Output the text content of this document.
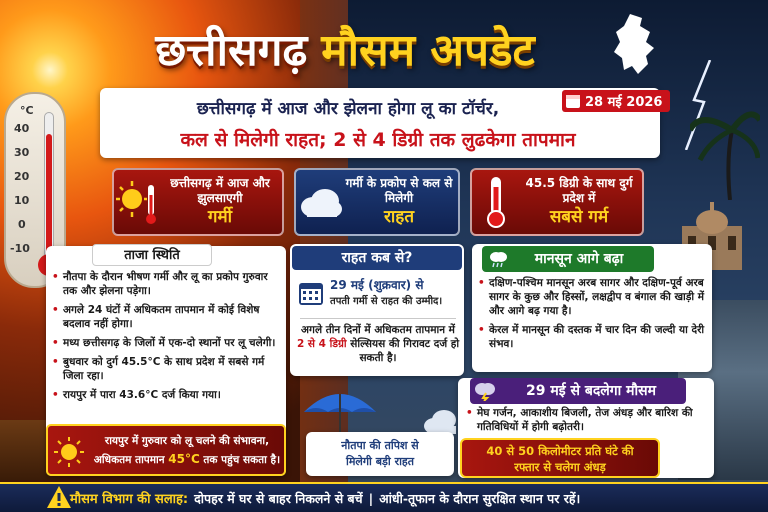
°C
40
30
20
10
0
-10
छत्तीसगढ़ मौसम अपडेट
छत्तीसगढ़ में आज और झेलना होगा लू का टॉर्चर,
कल से मिलेगी राहत; 2 से 4 डिग्री तक लुढकेगा तापमान
28 मई 2026
छत्तीसगढ़ में आज और झुलसाएगी
गर्मी
गर्मी के प्रकोप से कल से मिलेगी
राहत
45.5 डिग्री के साथ दुर्ग प्रदेश में
सबसे गर्म
ताजा स्थिति
• नौतपा के दौरान भीषण गर्मी और लू का प्रकोप गुरुवार तक और झेलना पड़ेगा।
• अगले 24 घंटों में अधिकतम तापमान में कोई विशेष बदलाव नहीं होगा।
• मध्य छत्तीसगढ़ के जिलों में एक-दो स्थानों पर लू चलेगी।
• बुधवार को दुर्ग 45.5°C के साथ प्रदेश में सबसे गर्म जिला रहा।
• रायपुर में पारा 43.6°C दर्ज किया गया।
रायपुर में गुरुवार को लू चलने की संभावना,
अधिकतम तापमान 45°C तक पहुंच सकता है।
राहत कब से?
29 मई (शुक्रवार) से
तपती गर्मी से राहत की उम्मीद।
अगले तीन दिनों में अधिकतम तापमान में 2 से 4 डिग्री सेल्सियस की गिरावट दर्ज हो सकती है।
नौतपा की तपिश से
मिलेगी बड़ी राहत
मानसून आगे बढ़ा
• दक्षिण-पश्चिम मानसून अरब सागर और दक्षिण-पूर्व अरब सागर के कुछ और हिस्सों, लक्षद्वीप व बंगाल की खाड़ी में और आगे बढ़ गया है।
• केरल में मानसून की दस्तक में चार दिन की जल्दी या देरी संभव।
29 मई से बदलेगा मौसम
• मेघ गर्जन, आकाशीय बिजली, तेज अंधड़ और बारिश की गतिविधियों में होगी बढ़ोतरी।
40 से 50 किलोमीटर प्रति घंटे की
रफ्तार से चलेगा अंधड़
मौसम विभाग की सलाह: दोपहर में घर से बाहर निकलने से बचें | आंधी-तूफान के दौरान सुरक्षित स्थान पर रहें।
